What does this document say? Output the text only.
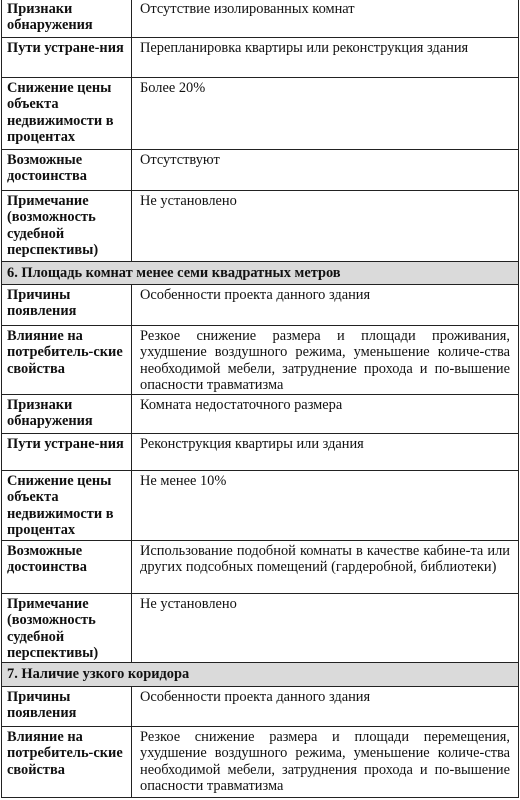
Признаки обнаружения	Отсутствие изолированных комнат
Пути устране-ния	Перепланировка квартиры или реконструкция здания
Снижение цены объекта недвижимости в процентах	Более 20%
Возможные достоинства	Отсутствуют
Примечание (возможность судебной перспективы)	Не установлено
6. Площадь комнат менее семи квадратных метров	
Причины появления	Особенности проекта данного здания
Влияние на потребитель-ские свойства	Резкое снижение размера и площади проживания, ухудшение воздушного режима, уменьшение количе-ства необходимой мебели, затруднение прохода и по-вышение опасности травматизма
Признаки обнаружения	Комната недостаточного размера
Пути устране-ния	Реконструкция квартиры или здания
Снижение цены объекта недвижимости в процентах	Не менее 10%
Возможные достоинства	Использование подобной комнаты в качестве кабине-та или других подсобных помещений (гардеробной, библиотеки)
Примечание (возможность судебной перспективы)	Не установлено
7. Наличие узкого коридора	
Причины появления	Особенности проекта данного здания
Влияние на потребитель-ские свойства	Резкое снижение размера и площади перемещения, ухудшение воздушного режима, уменьшение количе-ства необходимой мебели, затруднения прохода и по-вышение опасности травматизма
